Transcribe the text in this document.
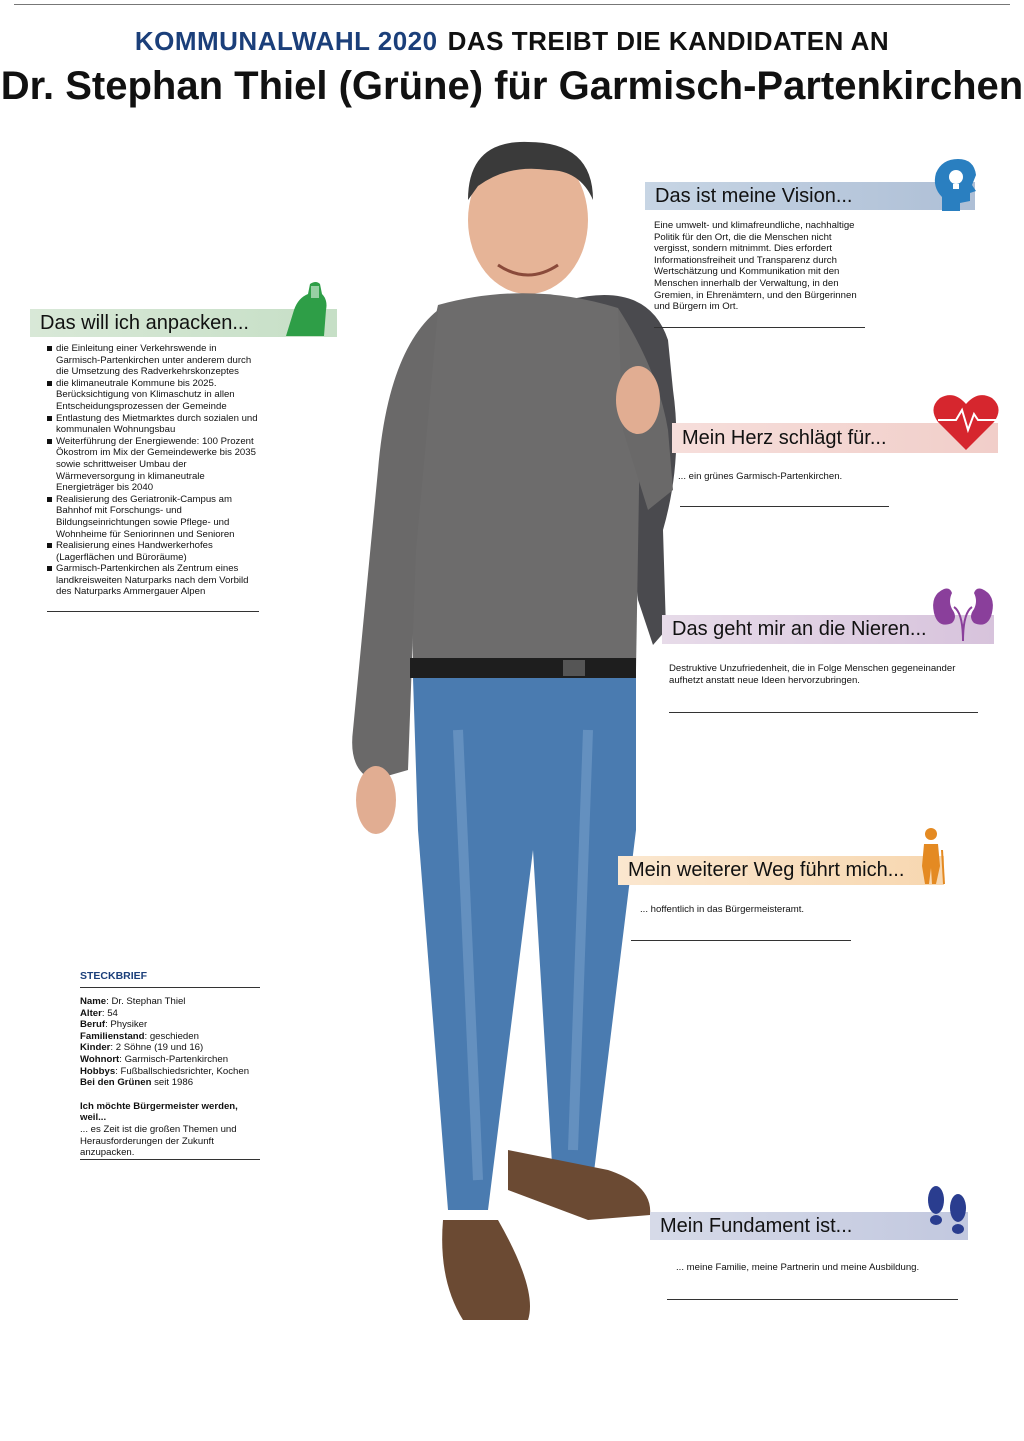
KOMMUNALWAHL 2020 DAS TREIBT DIE KANDIDATEN AN
Dr. Stephan Thiel (Grüne) für Garmisch-Partenkirchen
Das will ich anpacken...
die Einleitung einer Verkehrswende in Garmisch-Partenkirchen unter anderem durch die Umsetzung des Radverkehrskonzeptes
die klimaneutrale Kommune bis 2025. Berücksichtigung von Klimaschutz in allen Entscheidungsprozessen der Gemeinde
Entlastung des Mietmarktes durch sozialen und kommunalen Wohnungsbau
Weiterführung der Energiewende: 100 Prozent Ökostrom im Mix der Gemeindewerke bis 2035 sowie schrittweiser Umbau der Wärmeversorgung in klimaneutrale Energieträger bis 2040
Realisierung des Geriatronik-Campus am Bahnhof mit Forschungs- und Bildungseinrichtungen sowie Pflege- und Wohnheime für Seniorinnen und Senioren
Realisierung eines Handwerkerhofes (Lagerflächen und Büroräume)
Garmisch-Partenkirchen als Zentrum eines landkreisweiten Naturparks nach dem Vorbild des Naturparks Ammergauer Alpen
Das ist meine Vision...
Eine umwelt- und klimafreundliche, nachhaltige Politik für den Ort, die die Menschen nicht vergisst, sondern mitnimmt. Dies erfordert Informationsfreiheit und Transparenz durch Wertschätzung und Kommunikation mit den Menschen innerhalb der Verwaltung, in den Gremien, in Ehrenämtern, und den Bürgerinnen und Bürgern im Ort.
Mein Herz schlägt für...
... ein grünes Garmisch-Partenkirchen.
Das geht mir an die Nieren...
Destruktive Unzufriedenheit, die in Folge Menschen gegeneinander aufhetzt anstatt neue Ideen hervorzubringen.
Mein weiterer Weg führt mich...
... hoffentlich in das Bürgermeisteramt.
Mein Fundament ist...
... meine Familie, meine Partnerin und meine Ausbildung.
STECKBRIEF
Name: Dr. Stephan Thiel
Alter: 54
Beruf: Physiker
Familienstand: geschieden
Kinder: 2 Söhne (19 und 16)
Wohnort: Garmisch-Partenkirchen
Hobbys: Fußballschiedsrichter, Kochen
Bei den Grünen seit 1986
Ich möchte Bürgermeister werden, weil...
... es Zeit ist die großen Themen und Herausforderungen der Zukunft anzupacken.
